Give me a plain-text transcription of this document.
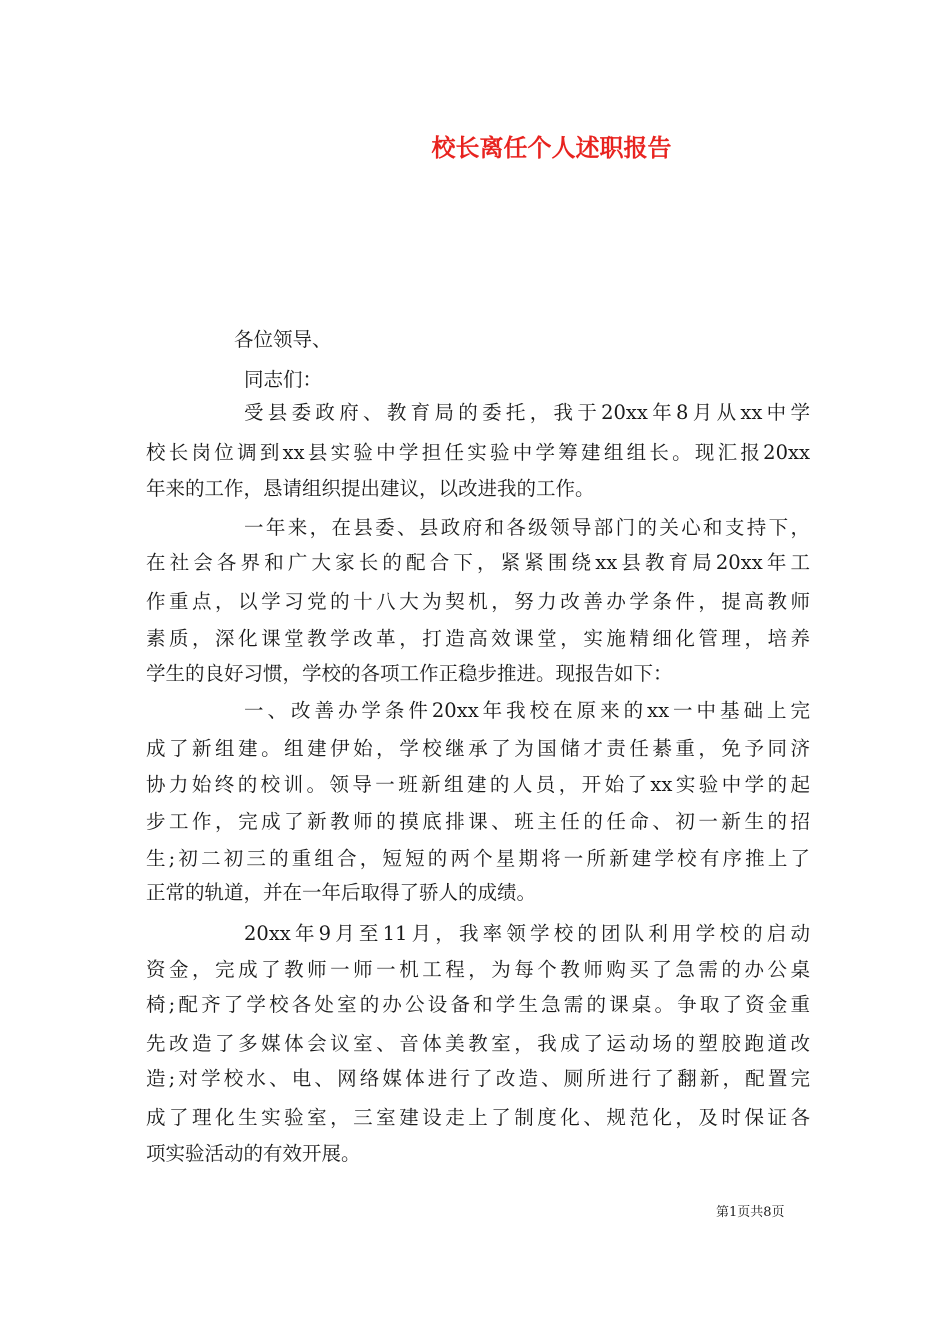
校长离任个人述职报告
各位领导、
同志们：
受县委政府、教育局的委托，我于20xx年8月从xx中学
校长岗位调到xx县实验中学担任实验中学筹建组组长。现汇报20xx
年来的工作，恳请组织提出建议，以改进我的工作。
一年来，在县委、县政府和各级领导部门的关心和支持下，
在社会各界和广大家长的配合下，紧紧围绕xx县教育局20xx年工
作重点，以学习党的十八大为契机，努力改善办学条件，提高教师
素质，深化课堂教学改革，打造高效课堂，实施精细化管理，培养
学生的良好习惯，学校的各项工作正稳步推进。现报告如下：
一、改善办学条件20xx年我校在原来的xx一中基础上完
成了新组建。组建伊始，学校继承了为国储才责任綦重，免予同济
协力始终的校训。领导一班新组建的人员，开始了xx实验中学的起
步工作，完成了新教师的摸底排课、班主任的任命、初一新生的招
生;初二初三的重组合，短短的两个星期将一所新建学校有序推上了
正常的轨道，并在一年后取得了骄人的成绩。
20xx年9月至11月，我率领学校的团队利用学校的启动
资金，完成了教师一师一机工程，为每个教师购买了急需的办公桌
椅;配齐了学校各处室的办公设备和学生急需的课桌。争取了资金重
先改造了多媒体会议室、音体美教室，我成了运动场的塑胶跑道改
造;对学校水、电、网络媒体进行了改造、厕所进行了翻新，配置完
成了理化生实验室，三室建设走上了制度化、规范化，及时保证各
项实验活动的有效开展。
第1页共8页
